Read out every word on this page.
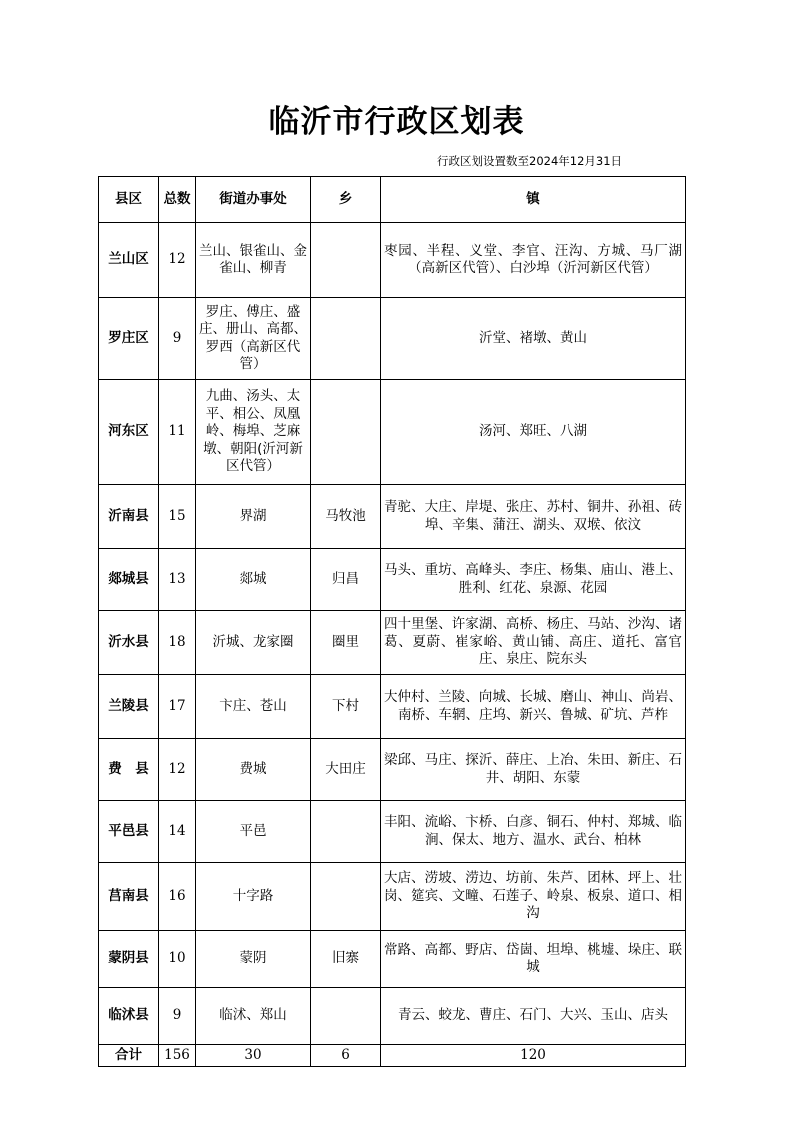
临沂市行政区划表
行政区划设置数至2024年12月31日
县区	总数	街道办事处	乡	镇
兰山区	12	兰山、银雀山、金雀山、柳青		枣园、半程、义堂、李官、汪沟、方城、马厂湖（高新区代管）、白沙埠（沂河新区代管）
罗庄区	9	罗庄、傅庄、盛庄、册山、高都、罗西（高新区代管）		沂堂、褚墩、黄山
河东区	11	九曲、汤头、太平、相公、凤凰岭、梅埠、芝麻墩、朝阳(沂河新区代管）		汤河、郑旺、八湖
沂南县	15	界湖	马牧池	青驼、大庄、岸堤、张庄、苏村、铜井、孙祖、砖埠、辛集、蒲汪、湖头、双堠、依汶
郯城县	13	郯城	归昌	马头、重坊、高峰头、李庄、杨集、庙山、港上、胜利、红花、泉源、花园
沂水县	18	沂城、龙家圈	圈里	四十里堡、许家湖、高桥、杨庄、马站、沙沟、诸葛、夏蔚、崔家峪、黄山铺、高庄、道托、富官庄、泉庄、院东头
兰陵县	17	卞庄、苍山	下村	大仲村、兰陵、向城、长城、磨山、神山、尚岩、南桥、车辋、庄坞、新兴、鲁城、矿坑、芦柞
费　县	12	费城	大田庄	梁邱、马庄、探沂、薛庄、上冶、朱田、新庄、石井、胡阳、东蒙
平邑县	14	平邑		丰阳、流峪、卞桥、白彦、铜石、仲村、郑城、临涧、保太、地方、温水、武台、柏林
莒南县	16	十字路		大店、涝坡、涝边、坊前、朱芦、团林、坪上、壮岗、筵宾、文疃、石莲子、岭泉、板泉、道口、相沟
蒙阴县	10	蒙阴	旧寨	常路、高都、野店、岱崮、坦埠、桃墟、垛庄、联城
临沭县	9	临沭、郑山		青云、蛟龙、曹庄、石门、大兴、玉山、店头
合计	156	30	6	120
